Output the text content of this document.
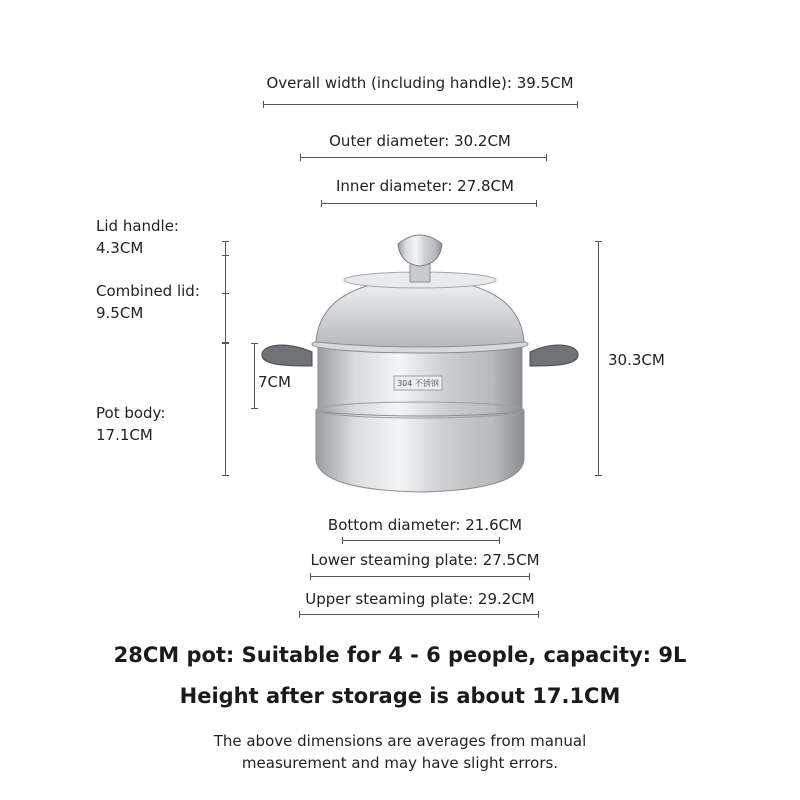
Overall width (including handle): 39.5CM
Outer diameter: 30.2CM
Inner diameter: 27.8CM
Lid handle:
4.3CM
Combined lid:
9.5CM
Pot body:
17.1CM
7CM
30.3CM
304 不锈钢
Bottom diameter: 21.6CM
Lower steaming plate: 27.5CM
Upper steaming plate: 29.2CM
28CM pot: Suitable for 4 - 6 people, capacity: 9L
Height after storage is about 17.1CM
The above dimensions are averages from manual
measurement and may have slight errors.
